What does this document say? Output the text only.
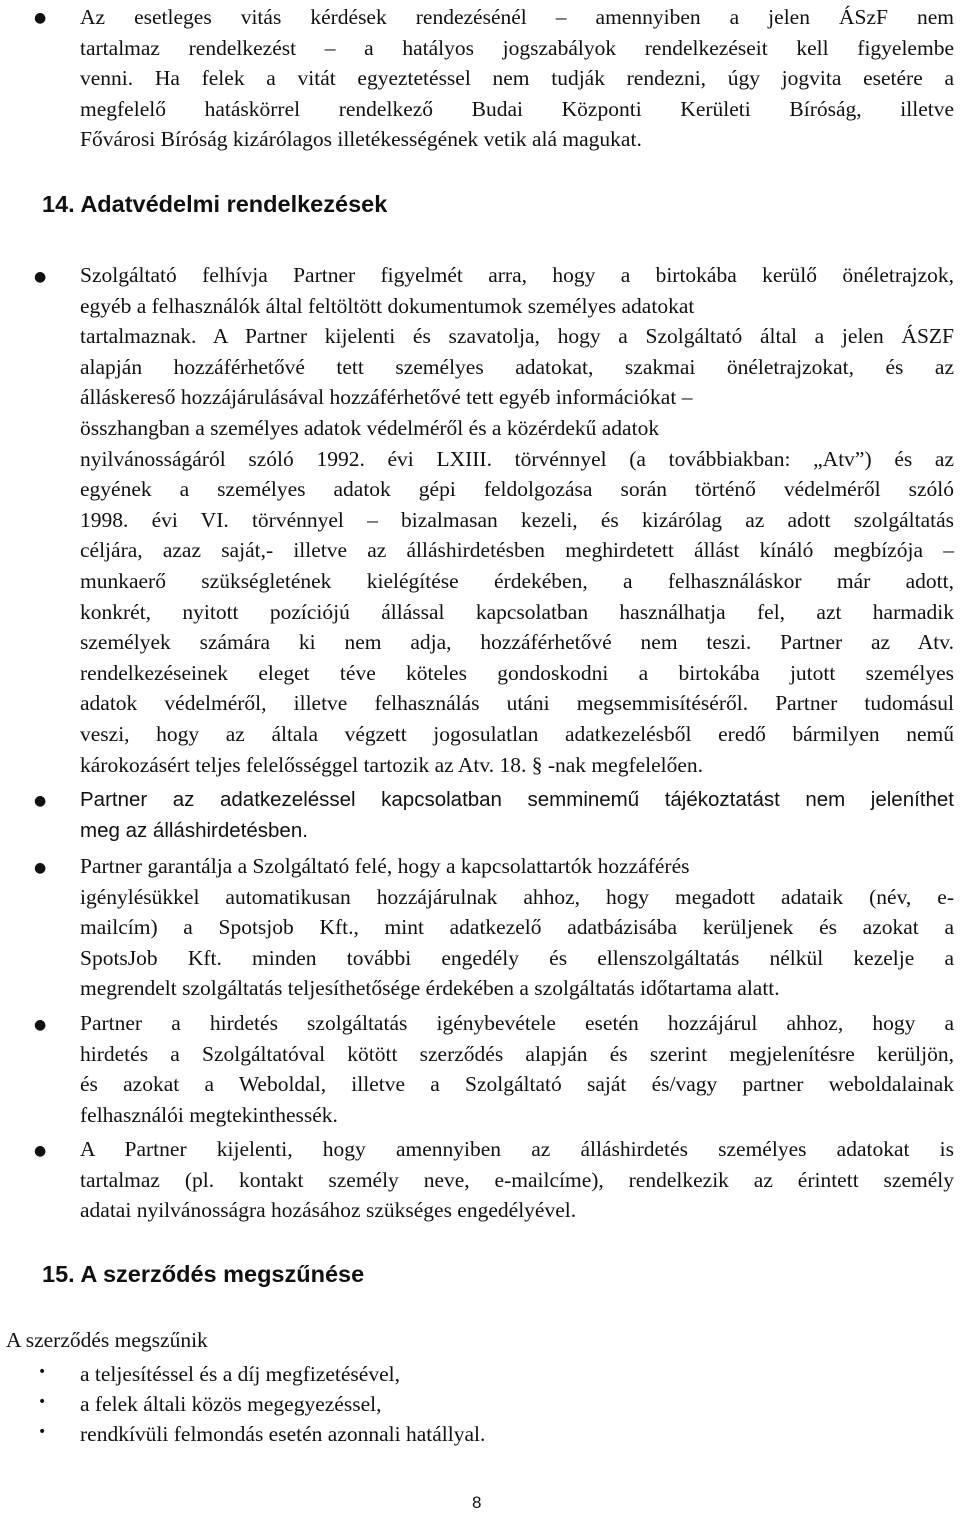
● Az esetleges vitás kérdések rendezésénél – amennyiben a jelen ÁSzF nem
tartalmaz rendelkezést – a hatályos jogszabályok rendelkezéseit kell figyelembe
venni. Ha felek a vitát egyeztetéssel nem tudják rendezni, úgy jogvita esetére a
megfelelő hatáskörrel rendelkező Budai Központi Kerületi Bíróság, illetve
Fővárosi Bíróság kizárólagos illetékességének vetik alá magukat.
14. Adatvédelmi rendelkezések
● Szolgáltató felhívja Partner figyelmét arra, hogy a birtokába kerülő önéletrajzok,
egyéb a felhasználók által feltöltött dokumentumok személyes adatokat
tartalmaznak. A Partner kijelenti és szavatolja, hogy a Szolgáltató által a jelen ÁSZF
alapján hozzáférhetővé tett személyes adatokat, szakmai önéletrajzokat, és az
álláskereső hozzájárulásával hozzáférhetővé tett egyéb információkat –
összhangban a személyes adatok védelméről és a közérdekű adatok
nyilvánosságáról szóló 1992. évi LXIII. törvénnyel (a továbbiakban: „Atv”) és az
egyének a személyes adatok gépi feldolgozása során történő védelméről szóló
1998. évi VI. törvénnyel – bizalmasan kezeli, és kizárólag az adott szolgáltatás
céljára, azaz saját,- illetve az álláshirdetésben meghirdetett állást kínáló megbízója –
munkaerő szükségletének kielégítése érdekében, a felhasználáskor már adott,
konkrét, nyitott pozíciójú állással kapcsolatban használhatja fel, azt harmadik
személyek számára ki nem adja, hozzáférhetővé nem teszi. Partner az Atv.
rendelkezéseinek eleget téve köteles gondoskodni a birtokába jutott személyes
adatok védelméről, illetve felhasználás utáni megsemmisítéséről. Partner tudomásul
veszi, hogy az általa végzett jogosulatlan adatkezelésből eredő bármilyen nemű
károkozásért teljes felelősséggel tartozik az Atv. 18. § -nak megfelelően.
● Partner az adatkezeléssel kapcsolatban semminemű tájékoztatást nem jeleníthet
meg az álláshirdetésben.
● Partner garantálja a Szolgáltató felé, hogy a kapcsolattartók hozzáférés
igénylésükkel automatikusan hozzájárulnak ahhoz, hogy megadott adataik (név, e-
mailcím) a Spotsjob Kft., mint adatkezelő adatbázisába kerüljenek és azokat a
SpotsJob Kft. minden további engedély és ellenszolgáltatás nélkül kezelje a
megrendelt szolgáltatás teljesíthetősége érdekében a szolgáltatás időtartama alatt.
● Partner a hirdetés szolgáltatás igénybevétele esetén hozzájárul ahhoz, hogy a
hirdetés a Szolgáltatóval kötött szerződés alapján és szerint megjelenítésre kerüljön,
és azokat a Weboldal, illetve a Szolgáltató saját és/vagy partner weboldalainak
felhasználói megtekinthessék.
● A Partner kijelenti, hogy amennyiben az álláshirdetés személyes adatokat is
tartalmaz (pl. kontakt személy neve, e-mailcíme), rendelkezik az érintett személy
adatai nyilvánosságra hozásához szükséges engedélyével.
15. A szerződés megszűnése
A szerződés megszűnik
• a teljesítéssel és a díj megfizetésével,
• a felek általi közös megegyezéssel,
• rendkívüli felmondás esetén azonnali hatállyal.
8
